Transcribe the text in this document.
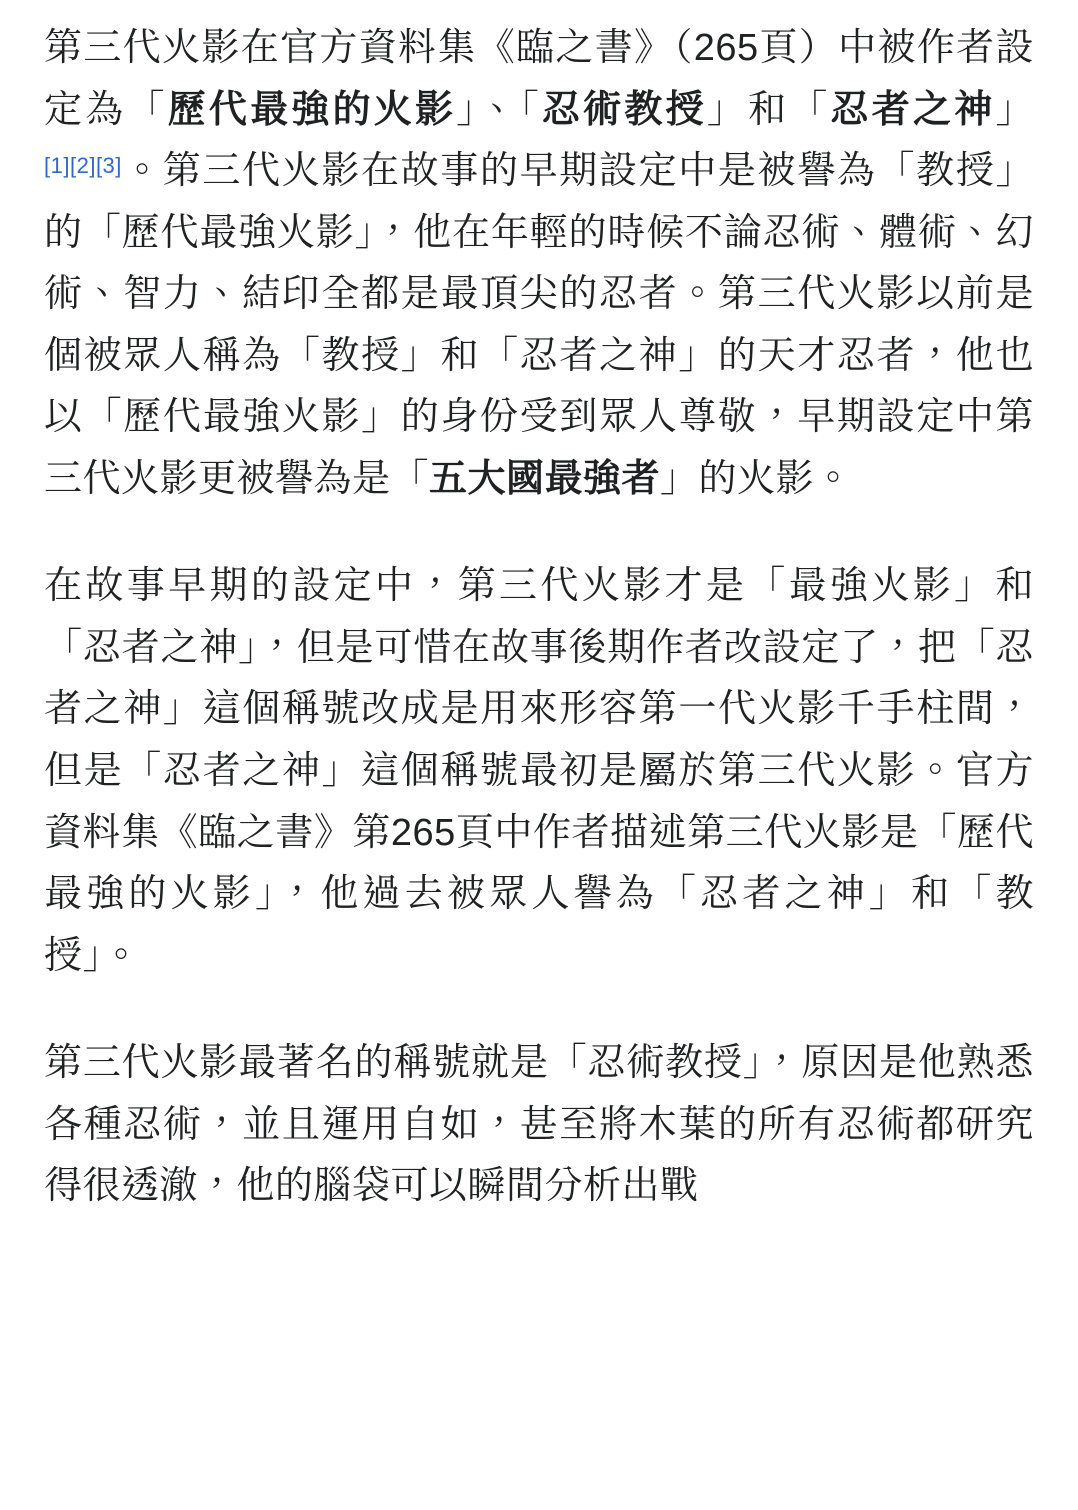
第三代火影在官方資料集《臨之書》（265頁）中被作者設定為「歷代最強的火影」、「忍術教授」和「忍者之神」[1][2][3]。第三代火影在故事的早期設定中是被譽為「教授」的「歷代最強火影」，他在年輕的時候不論忍術、體術、幻術、智力、結印全都是最頂尖的忍者。第三代火影以前是個被眾人稱為「教授」和「忍者之神」的天才忍者，他也以「歷代最強火影」的身份受到眾人尊敬，早期設定中第三代火影更被譽為是「五大國最強者」的火影。

在故事早期的設定中，第三代火影才是「最強火影」和「忍者之神」，但是可惜在故事後期作者改設定了，把「忍者之神」這個稱號改成是用來形容第一代火影千手柱間，但是「忍者之神」這個稱號最初是屬於第三代火影。官方資料集《臨之書》第265頁中作者描述第三代火影是「歷代最強的火影」，他過去被眾人譽為「忍者之神」和「教授」。

第三代火影最著名的稱號就是「忍術教授」，原因是他熟悉各種忍術，並且運用自如，甚至將木葉的所有忍術都研究得很透澈，他的腦袋可以瞬間分析出戰
